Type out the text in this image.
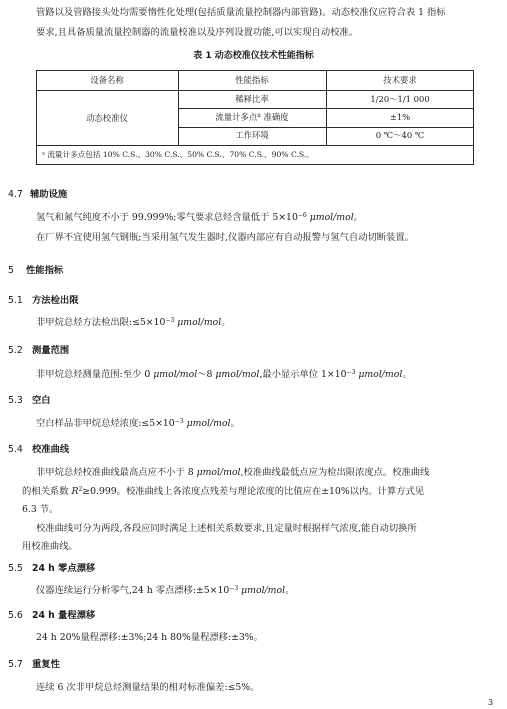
管路以及管路接头处均需要惰性化处理(包括质量流量控制器内部管路)。动态校准仪应符合表 1 指标
要求,且具备质量流量控制器的流量校准以及序列设置功能,可以实现自动校准。
表 1 动态校准仪技术性能指标
设备名称	性能指标	技术要求
动态校准仪
稀释比率	1/20～1/1 000
流量计多点$^a$ 准确度	±1%
工作环境	0 ℃～40 ℃
ᵃ 流量计多点包括 10% C.S.、30% C.S.、50% C.S.、70% C.S.、90% C.S.。
4.7 辅助设施
氢气和氮气纯度不小于 99.999%;零气要求总烃含量低于 $5\times 10^{-6}$ μmol/mol。
在厂界不宜使用氢气钢瓶;当采用氢气发生器时,仪器内部应有自动报警与氢气自动切断装置。
5 性能指标
5.1 方法检出限
非甲烷总烃方法检出限$:\le 5\times 10^{-3}$ μmol/mol。
5.2 测量范围
非甲烷总烃测量范围:至少 0 μmol/mol～8 μmol/mol,最小显示单位 $1\times 10^{-3}$ μmol/mol。
5.3 空白
空白样品非甲烷总烃浓度$:\le 5\times 10^{-3}$ μmol/mol。
5.4 校准曲线
非甲烷总烃校准曲线最高点应不小于 8 μmol/mol,校准曲线最低点应为检出限浓度点。校准曲线
的相关系数 $R^2\ge 0.999$。校准曲线上各浓度点残差与理论浓度的比值应在±10%以内。计算方式见
6.3 节。
校准曲线可分为两段,各段应同时满足上述相关系数要求,且定量时根据样气浓度,能自动切换所
用校准曲线。
5.5 24 h 零点漂移
仪器连续运行分析零气,24 h 零点漂移$:\pm 5\times 10^{-3}$ μmol/mol。
5.6 24 h 量程漂移
24 h 20%量程漂移:±3%;24 h 80%量程漂移:±3%。
5.7 重复性
连续 6 次非甲烷总烃测量结果的相对标准偏差:≤5%。
3
